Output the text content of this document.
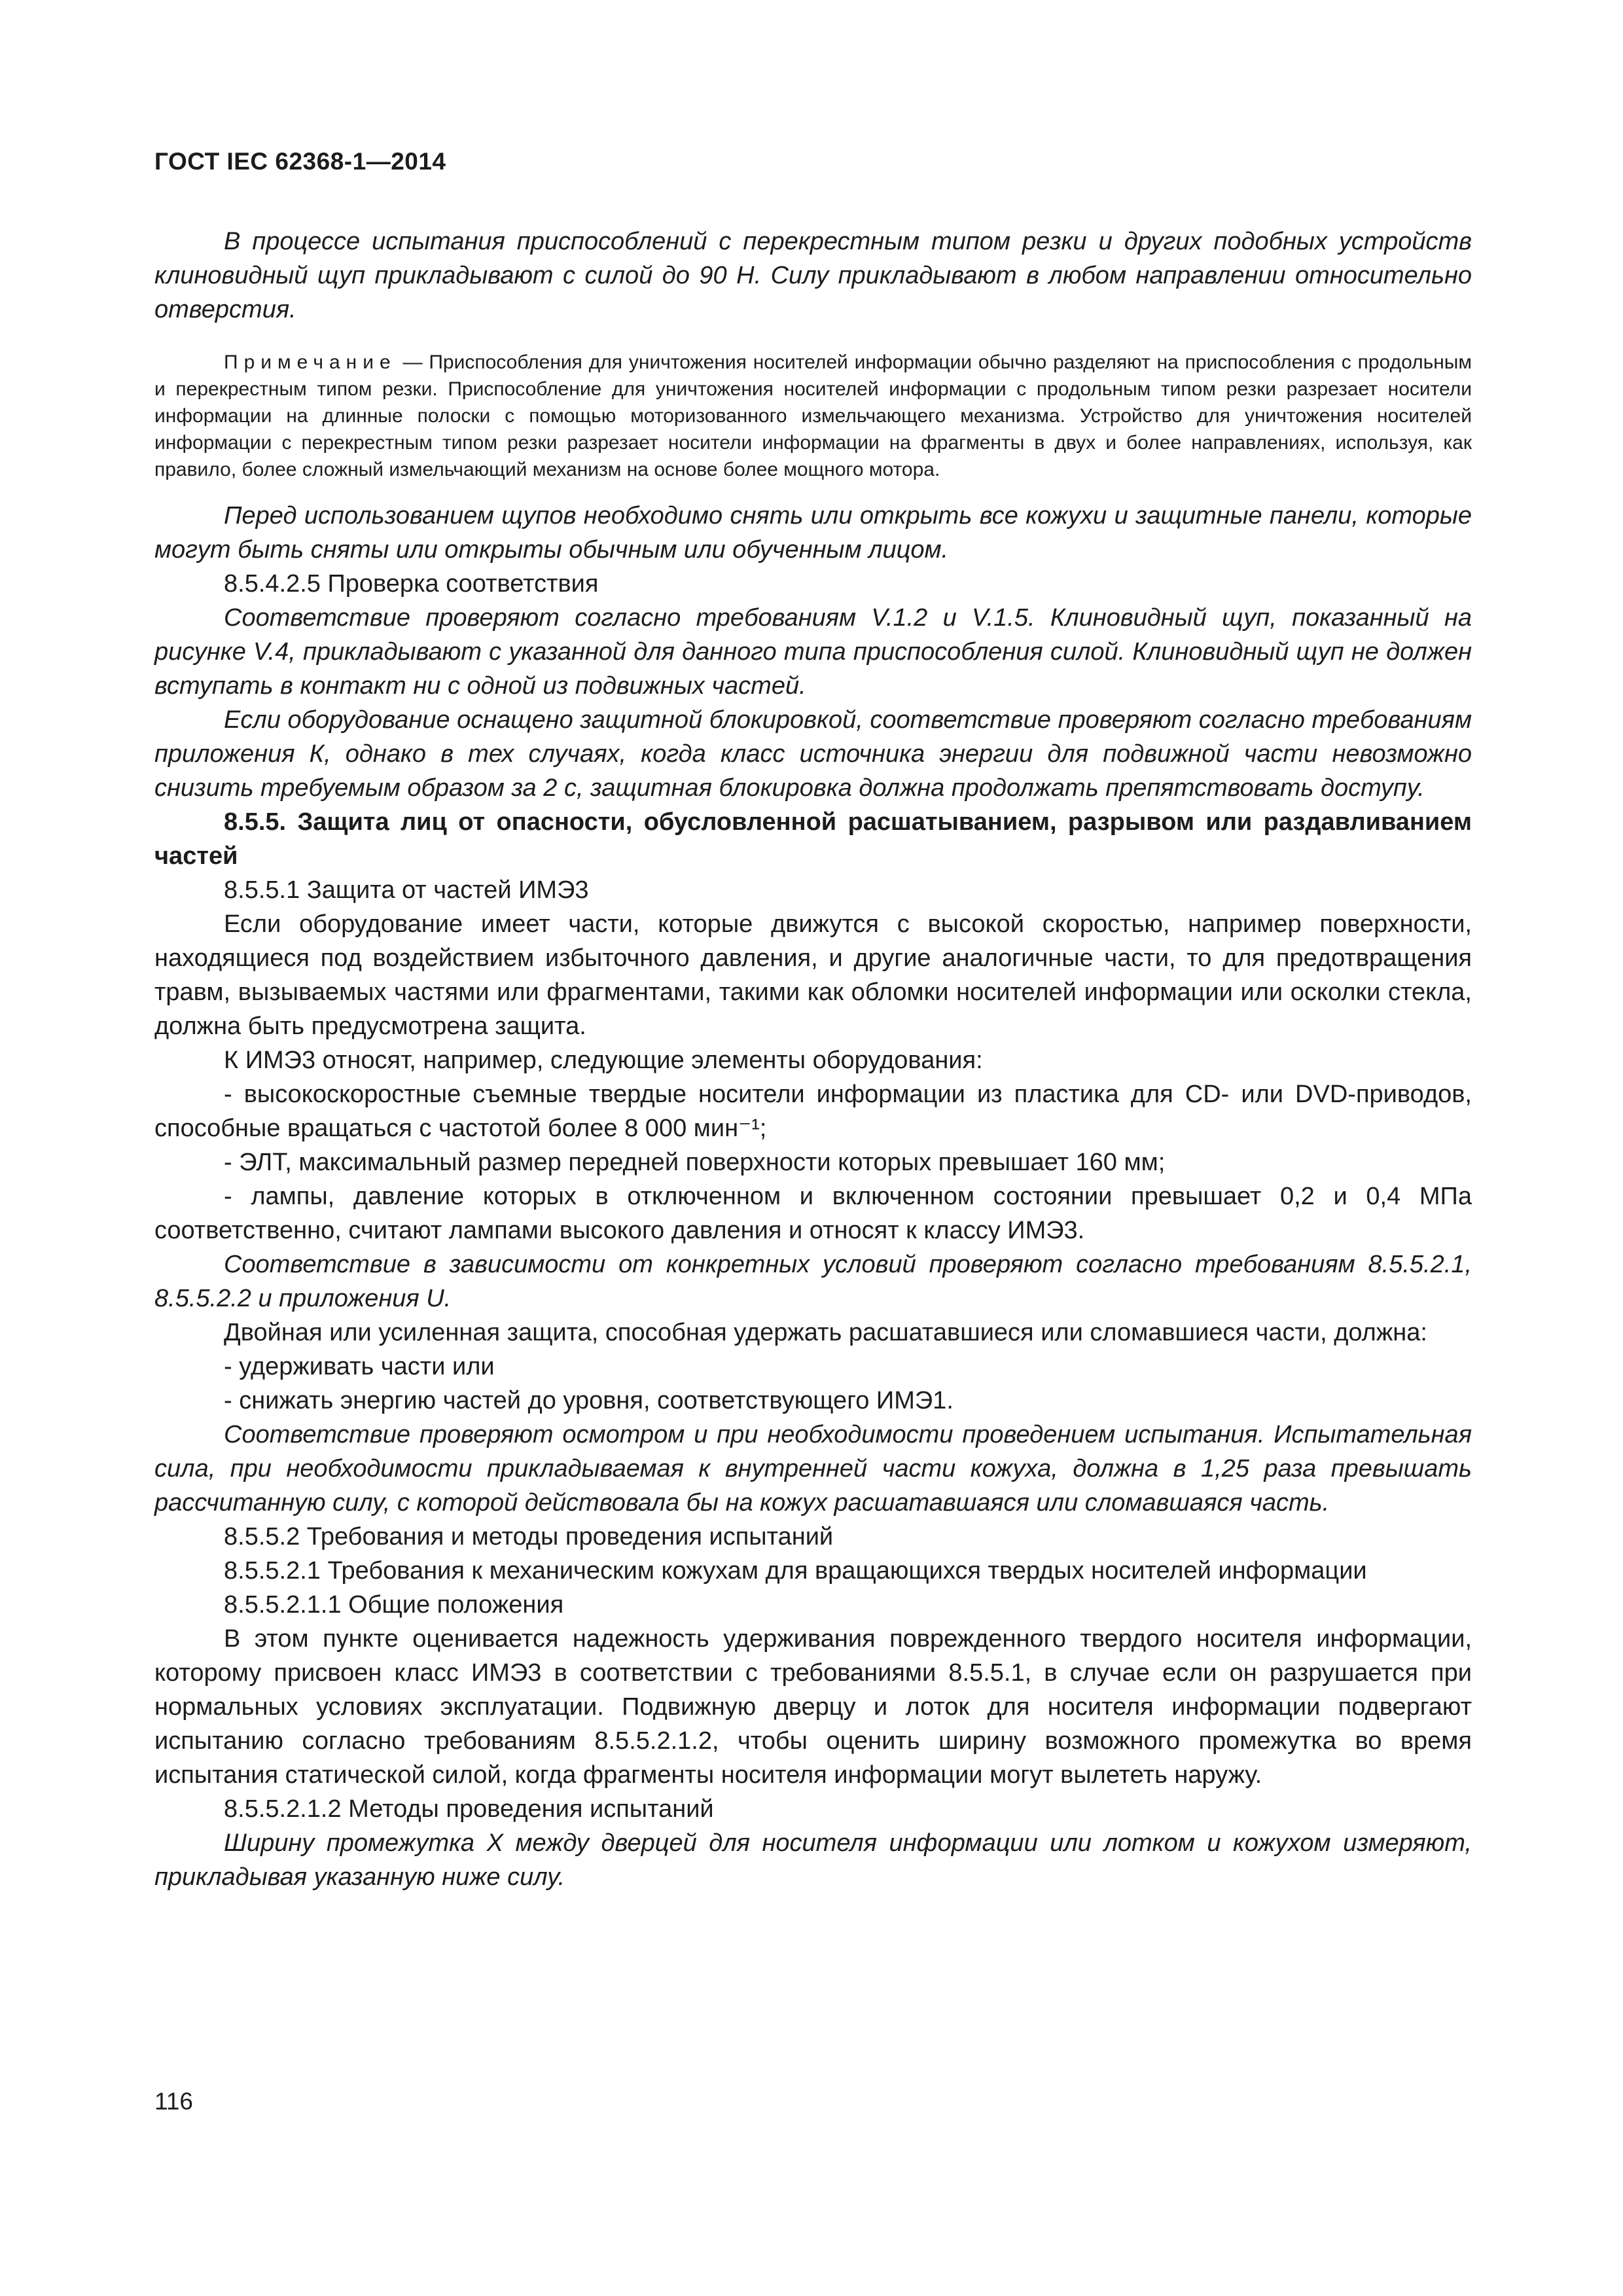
ГОСТ IEC 62368-1—2014

В процессе испытания приспособлений с перекрестным типом резки и других подобных устройств клиновидный щуп прикладывают с силой до 90 Н. Силу прикладывают в любом направлении относительно отверстия.

Примечание — Приспособления для уничтожения носителей информации обычно разделяют на приспособления с продольным и перекрестным типом резки. Приспособление для уничтожения носителей информации с продольным типом резки разрезает носители информации на длинные полоски с помощью моторизованного измельчающего механизма. Устройство для уничтожения носителей информации с перекрестным типом резки разрезает носители информации на фрагменты в двух и более направлениях, используя, как правило, более сложный измельчающий механизм на основе более мощного мотора.

Перед использованием щупов необходимо снять или открыть все кожухи и защитные панели, которые могут быть сняты или открыты обычным или обученным лицом.

8.5.4.2.5 Проверка соответствия

Соответствие проверяют согласно требованиям V.1.2 и V.1.5. Клиновидный щуп, показанный на рисунке V.4, прикладывают с указанной для данного типа приспособления силой. Клиновидный щуп не должен вступать в контакт ни с одной из подвижных частей.

Если оборудование оснащено защитной блокировкой, соответствие проверяют согласно требованиям приложения К, однако в тех случаях, когда класс источника энергии для подвижной части невозможно снизить требуемым образом за 2 с, защитная блокировка должна продолжать препятствовать доступу.

8.5.5. Защита лиц от опасности, обусловленной расшатыванием, разрывом или раздавливанием частей

8.5.5.1 Защита от частей ИМЭ3

Если оборудование имеет части, которые движутся с высокой скоростью, например поверхности, находящиеся под воздействием избыточного давления, и другие аналогичные части, то для предотвращения травм, вызываемых частями или фрагментами, такими как обломки носителей информации или осколки стекла, должна быть предусмотрена защита.

К ИМЭ3 относят, например, следующие элементы оборудования:

- высокоскоростные съемные твердые носители информации из пластика для CD- или DVD-приводов, способные вращаться с частотой более 8 000 мин⁻¹;

- ЭЛТ, максимальный размер передней поверхности которых превышает 160 мм;

- лампы, давление которых в отключенном и включенном состоянии превышает 0,2 и 0,4 МПа соответственно, считают лампами высокого давления и относят к классу ИМЭ3.

Соответствие в зависимости от конкретных условий проверяют согласно требованиям 8.5.5.2.1, 8.5.5.2.2 и приложения U.

Двойная или усиленная защита, способная удержать расшатавшиеся или сломавшиеся части, должна:

- удерживать части или

- снижать энергию частей до уровня, соответствующего ИМЭ1.

Соответствие проверяют осмотром и при необходимости проведением испытания. Испытательная сила, при необходимости прикладываемая к внутренней части кожуха, должна в 1,25 раза превышать рассчитанную силу, с которой действовала бы на кожух расшатавшаяся или сломавшаяся часть.

8.5.5.2 Требования и методы проведения испытаний

8.5.5.2.1 Требования к механическим кожухам для вращающихся твердых носителей информации

8.5.5.2.1.1 Общие положения

В этом пункте оценивается надежность удерживания поврежденного твердого носителя информации, которому присвоен класс ИМЭ3 в соответствии с требованиями 8.5.5.1, в случае если он разрушается при нормальных условиях эксплуатации. Подвижную дверцу и лоток для носителя информации подвергают испытанию согласно требованиям 8.5.5.2.1.2, чтобы оценить ширину возможного промежутка во время испытания статической силой, когда фрагменты носителя информации могут вылететь наружу.

8.5.5.2.1.2 Методы проведения испытаний

Ширину промежутка X между дверцей для носителя информации или лотком и кожухом измеряют, прикладывая указанную ниже силу.

116
